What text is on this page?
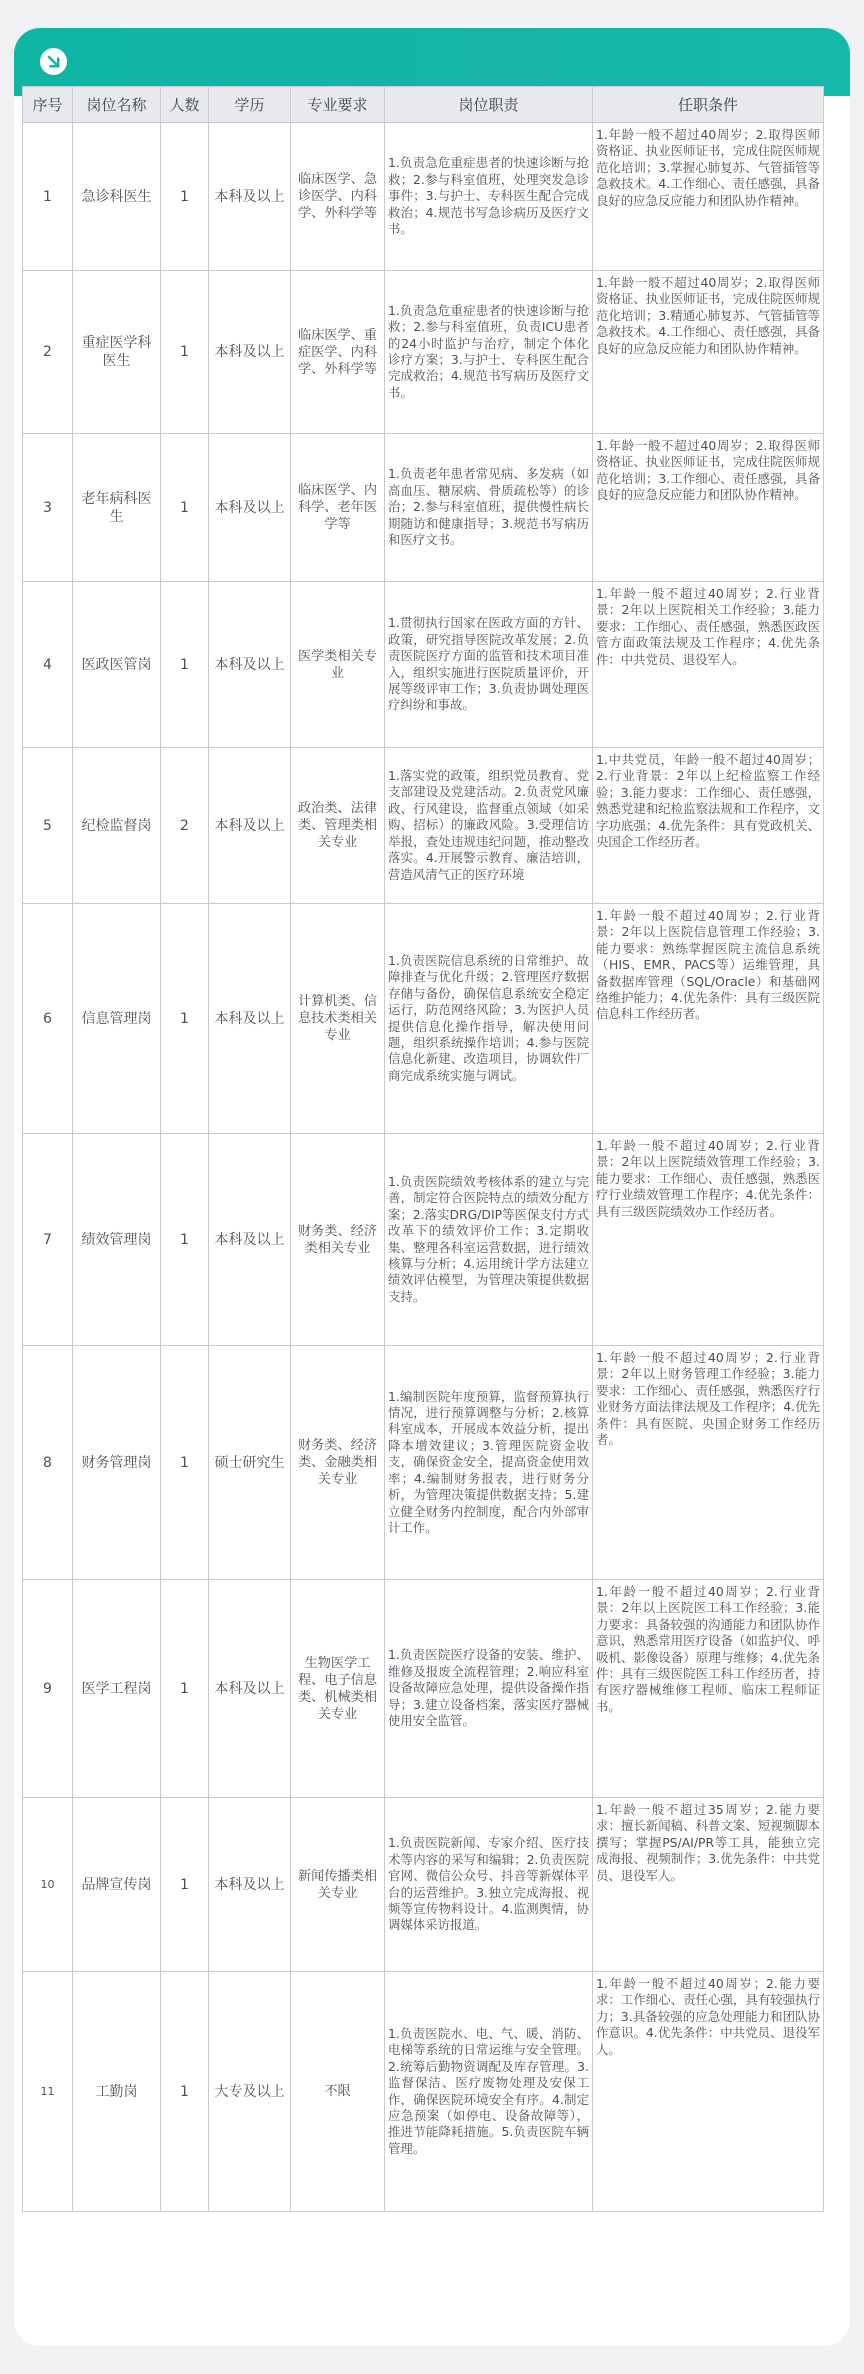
序号	岗位名称	人数	学历	专业要求	岗位职责	任职条件
1	急诊科医生	1	本科及以上	临床医学、急诊医学、内科学、外科学等	1.负责急危重症患者的快速诊断与抢救；2.参与科室值班，处理突发急诊事件；3.与护士、专科医生配合完成救治；4.规范书写急诊病历及医疗文书。	1.年龄一般不超过40周岁；2.取得医师资格证、执业医师证书，完成住院医师规范化培训；3.掌握心肺复苏、气管插管等急救技术。4.工作细心、责任感强，具备良好的应急反应能力和团队协作精神。
2	重症医学科医生	1	本科及以上	临床医学、重症医学、内科学、外科学等	1.负责急危重症患者的快速诊断与抢救；2.参与科室值班，负责ICU患者的24小时监护与治疗，制定个体化诊疗方案；3.与护士、专科医生配合完成救治；4.规范书写病历及医疗文书。	1.年龄一般不超过40周岁；2.取得医师资格证、执业医师证书，完成住院医师规范化培训；3.精通心肺复苏、气管插管等急救技术。4.工作细心、责任感强，具备良好的应急反应能力和团队协作精神。
3	老年病科医生	1	本科及以上	临床医学、内科学、老年医学等	1.负责老年患者常见病、多发病（如高血压、糖尿病、骨质疏松等）的诊治；2.参与科室值班，提供慢性病长期随访和健康指导；3.规范书写病历和医疗文书。	1.年龄一般不超过40周岁；2.取得医师资格证、执业医师证书，完成住院医师规范化培训；3.工作细心、责任感强，具备良好的应急反应能力和团队协作精神。
4	医政医管岗	1	本科及以上	医学类相关专业	1.贯彻执行国家在医政方面的方针、政策，研究指导医院改革发展；2.负责医院医疗方面的监管和技术项目准入，组织实施进行医院质量评价，开展等级评审工作；3.负责协调处理医疗纠纷和事故。	1.年龄一般不超过40周岁；2.行业背景：2年以上医院相关工作经验；3.能力要求：工作细心、责任感强，熟悉医政医管方面政策法规及工作程序；4.优先条件：中共党员、退役军人。
5	纪检监督岗	2	本科及以上	政治类、法律类、管理类相关专业	1.落实党的政策，组织党员教育、党支部建设及党建活动。2.负责党风廉政、行风建设，监督重点领域（如采购、招标）的廉政风险。3.受理信访举报，查处违规违纪问题，推动整改落实。4.开展警示教育、廉洁培训，营造风清气正的医疗环境	1.中共党员，年龄一般不超过40周岁；2.行业背景：2年以上纪检监察工作经验；3.能力要求：工作细心、责任感强，熟悉党建和纪检监察法规和工作程序，文字功底强；4.优先条件：具有党政机关、央国企工作经历者。
6	信息管理岗	1	本科及以上	计算机类、信息技术类相关专业	1.负责医院信息系统的日常维护、故障排查与优化升级；2.管理医疗数据存储与备份，确保信息系统安全稳定运行，防范网络风险；3.为医护人员提供信息化操作指导，解决使用问题，组织系统操作培训；4.参与医院信息化新建、改造项目，协调软件厂商完成系统实施与调试。	1.年龄一般不超过40周岁；2.行业背景：2年以上医院信息管理工作经验；3.能力要求：熟练掌握医院主流信息系统（HIS、EMR、PACS等）运维管理，具备数据库管理（SQL/Oracle）和基础网络维护能力；4.优先条件：具有三级医院信息科工作经历者。
7	绩效管理岗	1	本科及以上	财务类、经济类相关专业	1.负责医院绩效考核体系的建立与完善，制定符合医院特点的绩效分配方案；2.落实DRG/DIP等医保支付方式改革下的绩效评价工作；3.定期收集、整理各科室运营数据，进行绩效核算与分析；4.运用统计学方法建立绩效评估模型，为管理决策提供数据支持。	1.年龄一般不超过40周岁；2.行业背景：2年以上医院绩效管理工作经验；3.能力要求：工作细心、责任感强，熟悉医疗行业绩效管理工作程序；4.优先条件：具有三级医院绩效办工作经历者。
8	财务管理岗	1	硕士研究生	财务类、经济类、金融类相关专业	1.编制医院年度预算，监督预算执行情况，进行预算调整与分析；2.核算科室成本，开展成本效益分析，提出降本增效建议；3.管理医院资金收支，确保资金安全，提高资金使用效率；4.编制财务报表，进行财务分析，为管理决策提供数据支持；5.建立健全财务内控制度，配合内外部审计工作。	1.年龄一般不超过40周岁；2.行业背景：2年以上财务管理工作经验；3.能力要求：工作细心、责任感强，熟悉医疗行业财务方面法律法规及工作程序；4.优先条件：具有医院、央国企财务工作经历者。
9	医学工程岗	1	本科及以上	生物医学工程、电子信息类、机械类相关专业	1.负责医院医疗设备的安装、维护、维修及报废全流程管理；2.响应科室设备故障应急处理，提供设备操作指导；3.建立设备档案，落实医疗器械使用安全监管。	1.年龄一般不超过40周岁；2.行业背景：2年以上医院医工科工作经验；3.能力要求：具备较强的沟通能力和团队协作意识，熟悉常用医疗设备（如监护仪、呼吸机、影像设备）原理与维修；4.优先条件：具有三级医院医工科工作经历者，持有医疗器械维修工程师、临床工程师证书。
10	品牌宣传岗	1	本科及以上	新闻传播类相关专业	1.负责医院新闻、专家介绍、医疗技术等内容的采写和编辑；2.负责医院官网、微信公众号、抖音等新媒体平台的运营维护。3.独立完成海报、视频等宣传物料设计。4.监测舆情，协调媒体采访报道。	1.年龄一般不超过35周岁；2.能力要求：擅长新闻稿、科普文案、短视频脚本撰写；掌握PS/AI/PR等工具，能独立完成海报、视频制作；3.优先条件：中共党员、退役军人。
11	工勤岗	1	大专及以上	不限	1.负责医院水、电、气、暖、消防、电梯等系统的日常运维与安全管理。2.统筹后勤物资调配及库存管理。3.监督保洁、医疗废物处理及安保工作，确保医院环境安全有序。4.制定应急预案（如停电、设备故障等），推进节能降耗措施。5.负责医院车辆管理。	1.年龄一般不超过40周岁；2.能力要求：工作细心、责任心强，具有较强执行力；3.具备较强的应急处理能力和团队协作意识。4.优先条件：中共党员、退役军人。
